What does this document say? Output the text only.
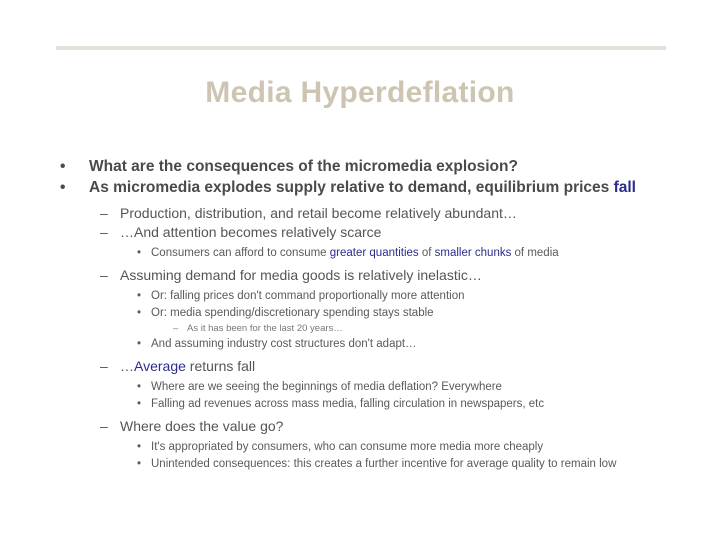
Media Hyperdeflation
• What are the consequences of the micromedia explosion?
• As micromedia explodes supply relative to demand, equilibrium prices fall
– Production, distribution, and retail become relatively abundant…
– …And attention becomes relatively scarce
• Consumers can afford to consume greater quantities of smaller chunks of media
– Assuming demand for media goods is relatively inelastic…
• Or: falling prices don't command proportionally more attention
• Or: media spending/discretionary spending stays stable
– As it has been for the last 20 years…
• And assuming industry cost structures don't adapt…
– …Average returns fall
• Where are we seeing the beginnings of media deflation? Everywhere
• Falling ad revenues across mass media, falling circulation in newspapers, etc
– Where does the value go?
• It's appropriated by consumers, who can consume more media more cheaply
• Unintended consequences: this creates a further incentive for average quality to remain low
